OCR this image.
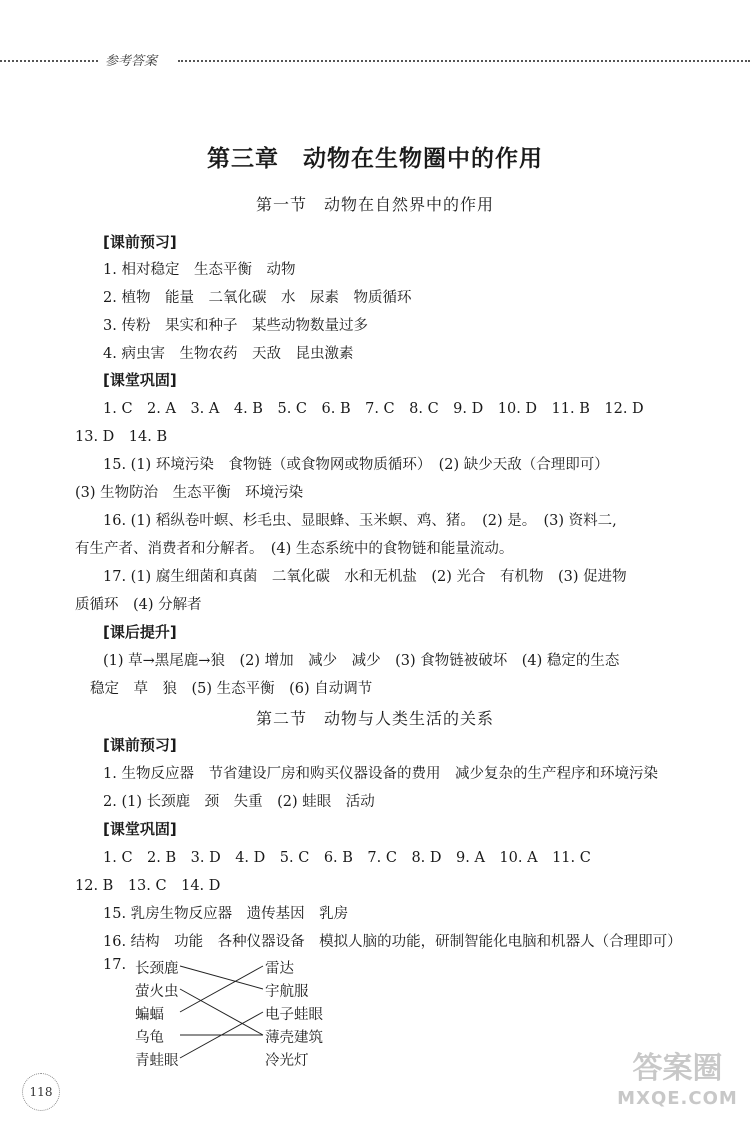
参考答案
第三章　动物在生物圈中的作用
第一节　动物在自然界中的作用
[课前预习]
1. 相对稳定　生态平衡　动物
2. 植物　能量　二氧化碳　水　尿素　物质循环
3. 传粉　果实和种子　某些动物数量过多
4. 病虫害　生物农药　天敌　昆虫激素
[课堂巩固]
1. C　2. A　3. A　4. B　5. C　6. B　7. C　8. C　9. D　10. D　11. B　12. D
13. D　14. B
15. (1) 环境污染　食物链（或食物网或物质循环）　(2) 缺少天敌（合理即可）
(3) 生物防治　生态平衡　环境污染
16. (1) 稻纵卷叶螟、杉毛虫、显眼蜂、玉米螟、鸡、猪。　(2) 是。　(3) 资料二,
有生产者、消费者和分解者。　(4) 生态系统中的食物链和能量流动。
17. (1) 腐生细菌和真菌　二氧化碳　水和无机盐　(2) 光合　有机物　(3) 促进物
质循环　(4) 分解者
[课后提升]
(1) 草→黑尾鹿→狼　(2) 增加　减少　减少　(3) 食物链被破坏　(4) 稳定的生态
稳定　草　狼　(5) 生态平衡　(6) 自动调节
第二节　动物与人类生活的关系
[课前预习]
1. 生物反应器　节省建设厂房和购买仪器设备的费用　减少复杂的生产程序和环境污染
2. (1) 长颈鹿　颈　失重　(2) 蛙眼　活动
[课堂巩固]
1. C　2. B　3. D　4. D　5. C　6. B　7. C　8. D　9. A　10. A　11. C
12. B　13. C　14. D
15. 乳房生物反应器　遗传基因　乳房
16. 结构　功能　各种仪器设备　模拟人脑的功能，研制智能化电脑和机器人（合理即可）
17. 长颈鹿
萤火虫
蝙蝠
乌龟
青蛙眼
雷达
宇航服
电子蛙眼
薄壳建筑
冷光灯
118
答案圈
MXQE.COM
